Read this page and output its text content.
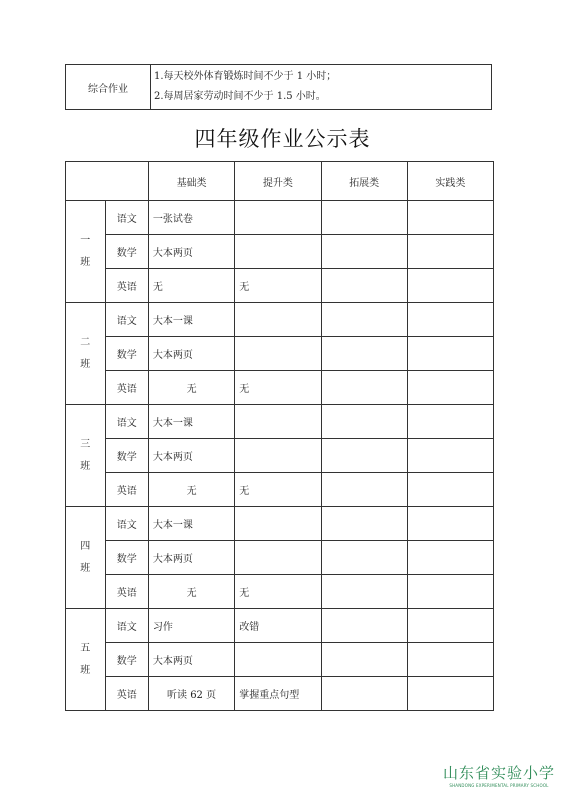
综合作业	
1.每天校外体育锻炼时间不少于 1 小时；
2.每周居家劳动时间不少于 1.5 小时。
四年级作业公示表
		基础类	提升类	拓展类	实践类
一
班	语文	一张试卷			
	数学	大本两页			
	英语	无	无		
二
班	语文	大本一课			
	数学	大本两页			
	英语	无	无		
三
班	语文	大本一课			
	数学	大本两页			
	英语	无	无		
四
班	语文	大本一课			
	数学	大本两页			
	英语	无	无		
五
班	语文	习作	改错		
	数学	大本两页			
	英语	听读 62 页	掌握重点句型		
山东省实验小学
SHANDONG EXPERIMENTAL PRIMARY SCHOOL
